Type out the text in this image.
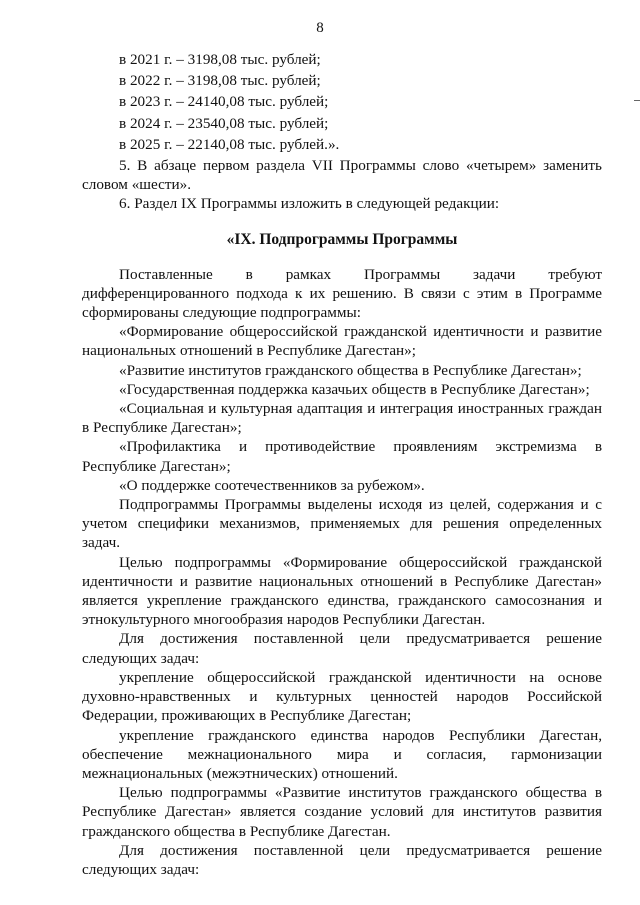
8

в 2021 г. – 3198,08 тыс. рублей;

в 2022 г. – 3198,08 тыс. рублей;

в 2023 г. – 24140,08 тыс. рублей;

в 2024 г. – 23540,08 тыс. рублей;

в 2025 г. – 22140,08 тыс. рублей.».

5. В абзаце первом раздела VII Программы слово «четырем» заменить словом «шести».

6. Раздел IX Программы изложить в следующей редакции:

«IX. Подпрограммы Программы

Поставленные в рамках Программы задачи требуют дифференцированного подхода к их решению. В связи с этим в Программе сформированы следующие подпрограммы:

«Формирование общероссийской гражданской идентичности и развитие национальных отношений в Республике Дагестан»;

«Развитие институтов гражданского общества в Республике Дагестан»;

«Государственная поддержка казачьих обществ в Республике Дагестан»;

«Социальная и культурная адаптация и интеграция иностранных граждан в Республике Дагестан»;

«Профилактика и противодействие проявлениям экстремизма в Республике Дагестан»;

«О поддержке соотечественников за рубежом».

Подпрограммы Программы выделены исходя из целей, содержания и с учетом специфики механизмов, применяемых для решения определенных задач.

Целью подпрограммы «Формирование общероссийской гражданской идентичности и развитие национальных отношений в Республике Дагестан» является укрепление гражданского единства, гражданского самосознания и этнокультурного многообразия народов Республики Дагестан.

Для достижения поставленной цели предусматривается решение следующих задач:

укрепление общероссийской гражданской идентичности на основе духовно-нравственных и культурных ценностей народов Российской Федерации, проживающих в Республике Дагестан;

укрепление гражданского единства народов Республики Дагестан, обеспечение межнационального мира и согласия, гармонизации межнациональных (межэтнических) отношений.

Целью подпрограммы «Развитие институтов гражданского общества в Республике Дагестан» является создание условий для институтов развития гражданского общества в Республике Дагестан.

Для достижения поставленной цели предусматривается решение следующих задач:
